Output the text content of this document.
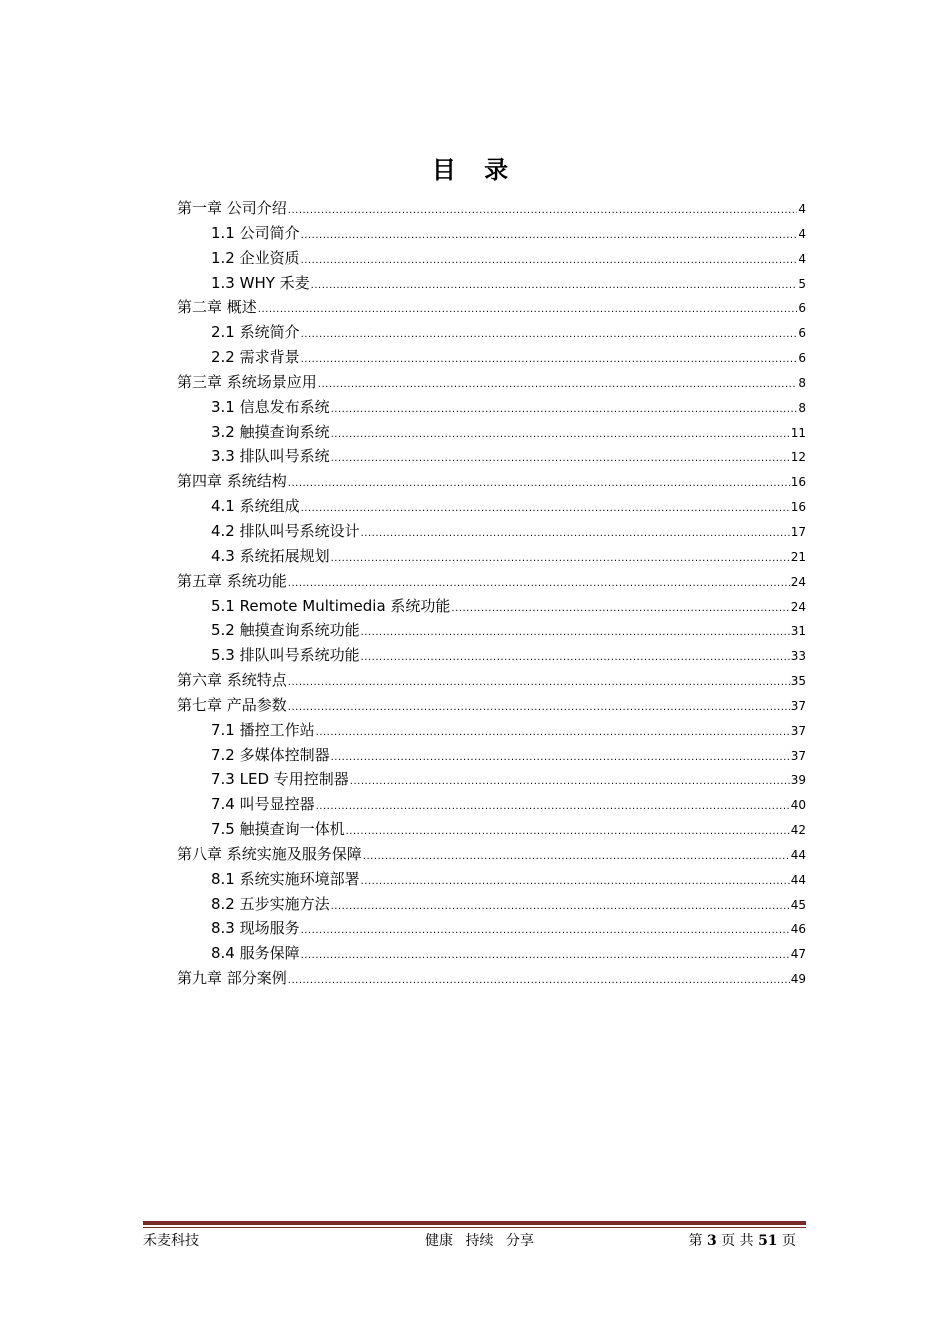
目 录
第一章 公司介绍 .....	4
1.1 公司简介 .....	4
1.2 企业资质 .....	4
1.3 WHY 禾麦 .....	5
第二章 概述 .....	6
2.1 系统简介 .....	6
2.2 需求背景 .....	6
第三章 系统场景应用 .....	8
3.1 信息发布系统 .....	8
3.2 触摸查询系统 .....	11
3.3 排队叫号系统 .....	12
第四章 系统结构 .....	16
4.1 系统组成 .....	16
4.2 排队叫号系统设计 .....	17
4.3 系统拓展规划 .....	21
第五章 系统功能 .....	24
5.1 Remote Multimedia 系统功能 .....	24
5.2 触摸查询系统功能 .....	31
5.3 排队叫号系统功能 .....	33
第六章 系统特点 .....	35
第七章 产品参数 .....	37
7.1 播控工作站 .....	37
7.2 多媒体控制器 .....	37
7.3 LED 专用控制器 .....	39
7.4 叫号显控器 .....	40
7.5 触摸查询一体机 .....	42
第八章 系统实施及服务保障 .....	44
8.1 系统实施环境部署 .....	44
8.2 五步实施方法 .....	45
8.3 现场服务 .....	46
8.4 服务保障 .....	47
第九章 部分案例 .....	49
禾麦科技	健康 持续 分享	第 3 页 共 51 页
